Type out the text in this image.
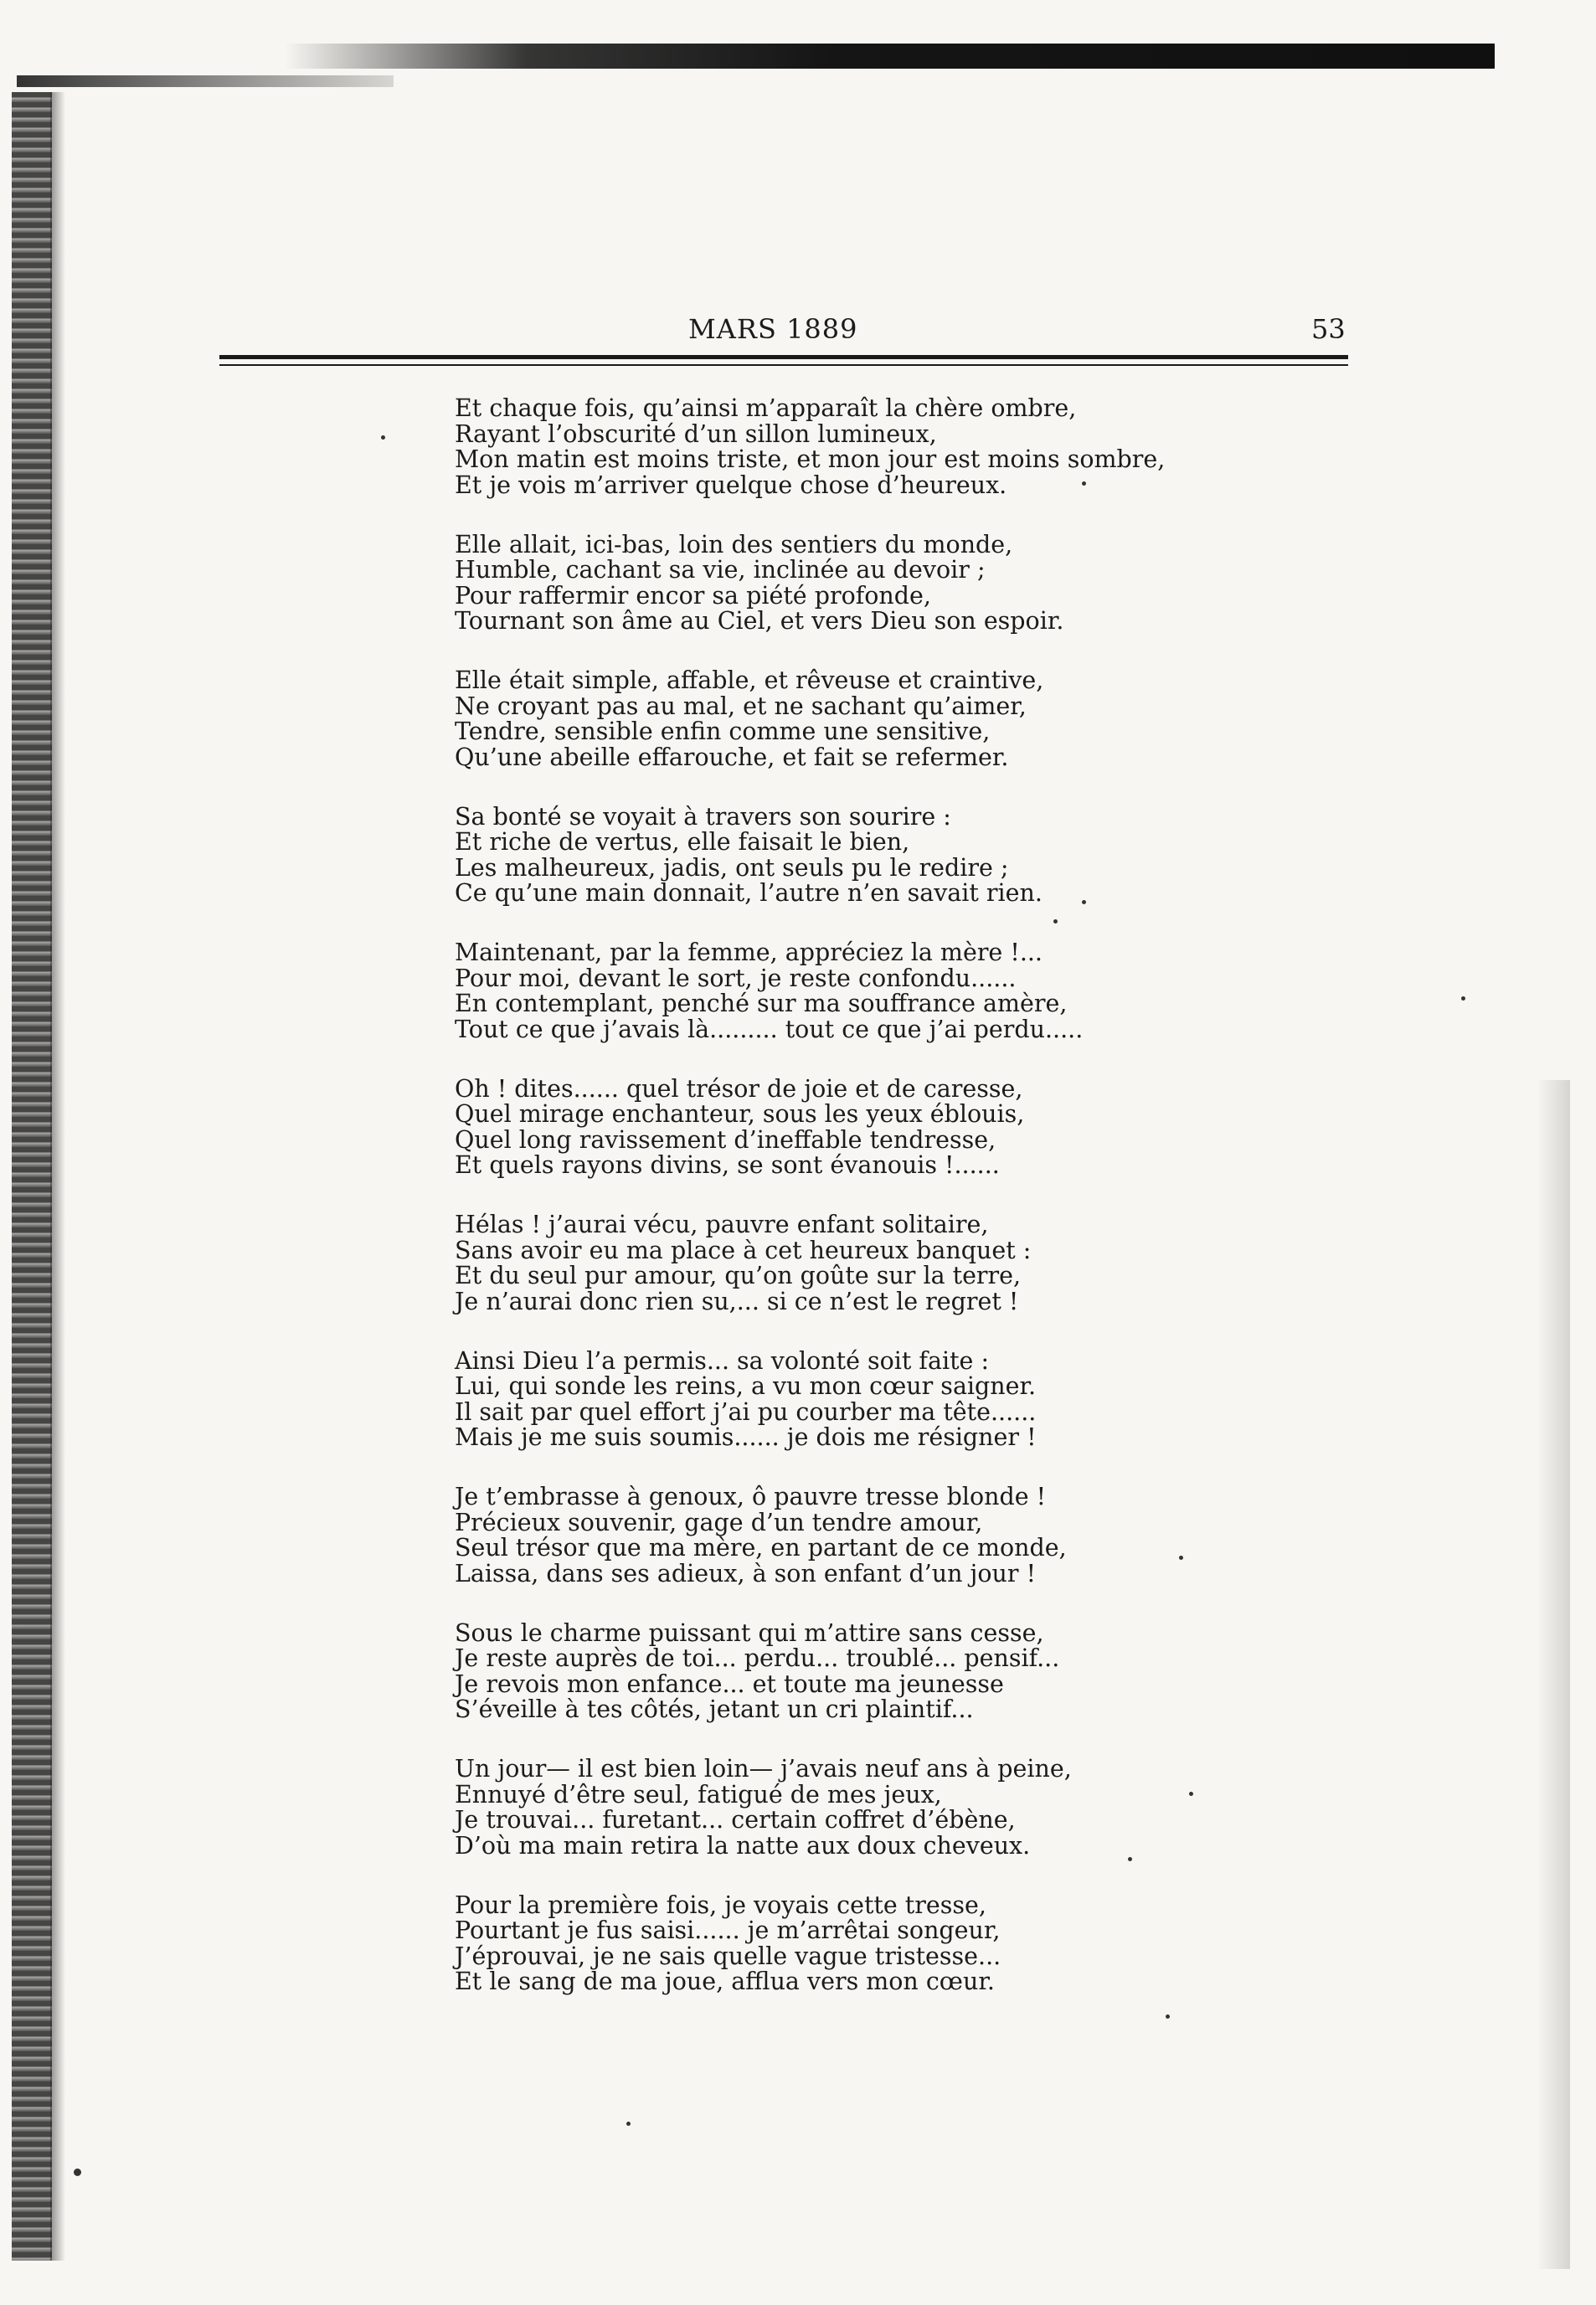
MARS 1889	53
Et chaque fois, qu’ainsi m’apparaît la chère ombre,
Rayant l’obscurité d’un sillon lumineux,
Mon matin est moins triste, et mon jour est moins sombre,
Et je vois m’arriver quelque chose d’heureux.
Elle allait, ici-bas, loin des sentiers du monde,
Humble, cachant sa vie, inclinée au devoir ;
Pour raffermir encor sa piété profonde,
Tournant son âme au Ciel, et vers Dieu son espoir.
Elle était simple, affable, et rêveuse et craintive,
Ne croyant pas au mal, et ne sachant qu’aimer,
Tendre, sensible enfin comme une sensitive,
Qu’une abeille effarouche, et fait se refermer.
Sa bonté se voyait à travers son sourire :
Et riche de vertus, elle faisait le bien,
Les malheureux, jadis, ont seuls pu le redire ;
Ce qu’une main donnait, l’autre n’en savait rien.
Maintenant, par la femme, appréciez la mère !...
Pour moi, devant le sort, je reste confondu......
En contemplant, penché sur ma souffrance amère,
Tout ce que j’avais là......... tout ce que j’ai perdu.....
Oh ! dites...... quel trésor de joie et de caresse,
Quel mirage enchanteur, sous les yeux éblouis,
Quel long ravissement d’ineffable tendresse,
Et quels rayons divins, se sont évanouis !......
Hélas ! j’aurai vécu, pauvre enfant solitaire,
Sans avoir eu ma place à cet heureux banquet :
Et du seul pur amour, qu’on goûte sur la terre,
Je n’aurai donc rien su,... si ce n’est le regret !
Ainsi Dieu l’a permis... sa volonté soit faite :
Lui, qui sonde les reins, a vu mon cœur saigner.
Il sait par quel effort j’ai pu courber ma tête......
Mais je me suis soumis...... je dois me résigner !
Je t’embrasse à genoux, ô pauvre tresse blonde !
Précieux souvenir, gage d’un tendre amour,
Seul trésor que ma mère, en partant de ce monde,
Laissa, dans ses adieux, à son enfant d’un jour !
Sous le charme puissant qui m’attire sans cesse,
Je reste auprès de toi... perdu... troublé... pensif...
Je revois mon enfance... et toute ma jeunesse
S’éveille à tes côtés, jetant un cri plaintif...
Un jour— il est bien loin— j’avais neuf ans à peine,
Ennuyé d’être seul, fatigué de mes jeux,
Je trouvai... furetant... certain coffret d’ébène,
D’où ma main retira la natte aux doux cheveux.
Pour la première fois, je voyais cette tresse,
Pourtant je fus saisi...... je m’arrêtai songeur,
J’éprouvai, je ne sais quelle vague tristesse...
Et le sang de ma joue, afflua vers mon cœur.
